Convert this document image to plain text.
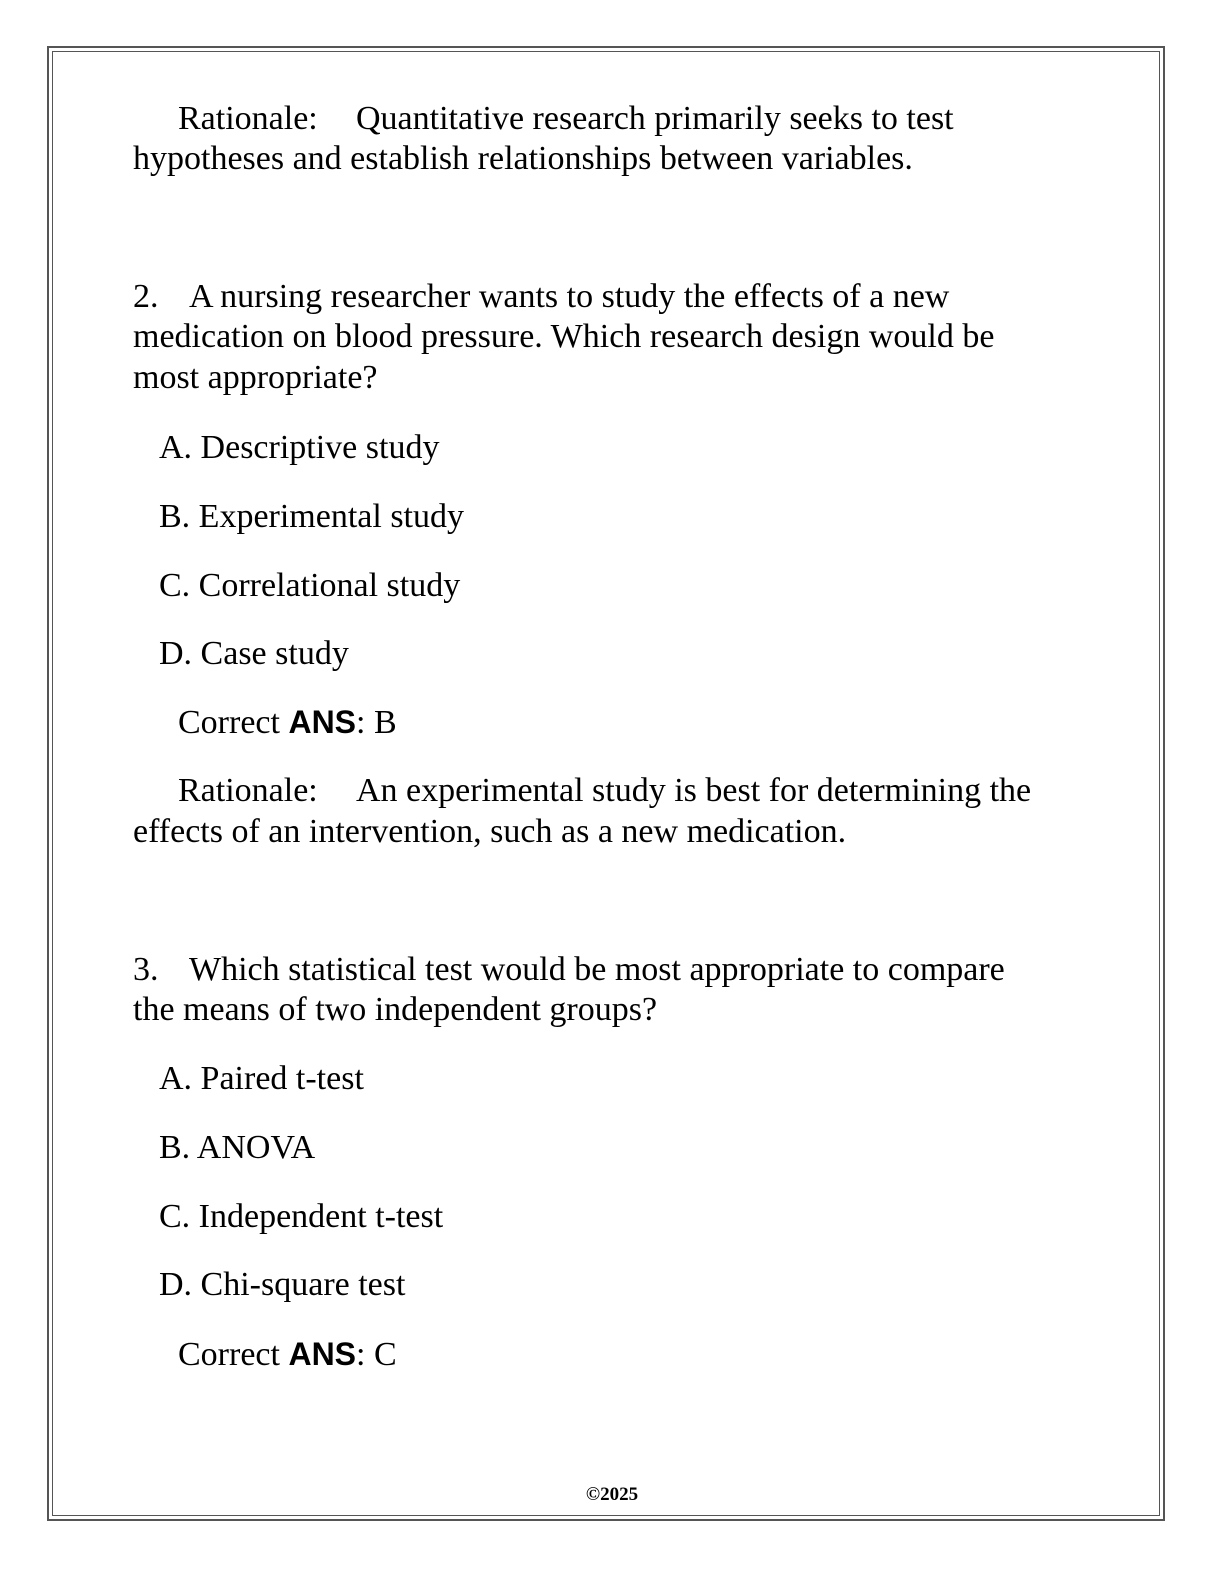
Rationale: Quantitative research primarily seeks to test
hypotheses and establish relationships between variables.
2. A nursing researcher wants to study the effects of a new
medication on blood pressure. Which research design would be
most appropriate?
A. Descriptive study
B. Experimental study
C. Correlational study
D. Case study
Correct ANS: B
Rationale: An experimental study is best for determining the
effects of an intervention, such as a new medication.
3. Which statistical test would be most appropriate to compare
the means of two independent groups?
A. Paired t-test
B. ANOVA
C. Independent t-test
D. Chi-square test
Correct ANS: C
©2025
